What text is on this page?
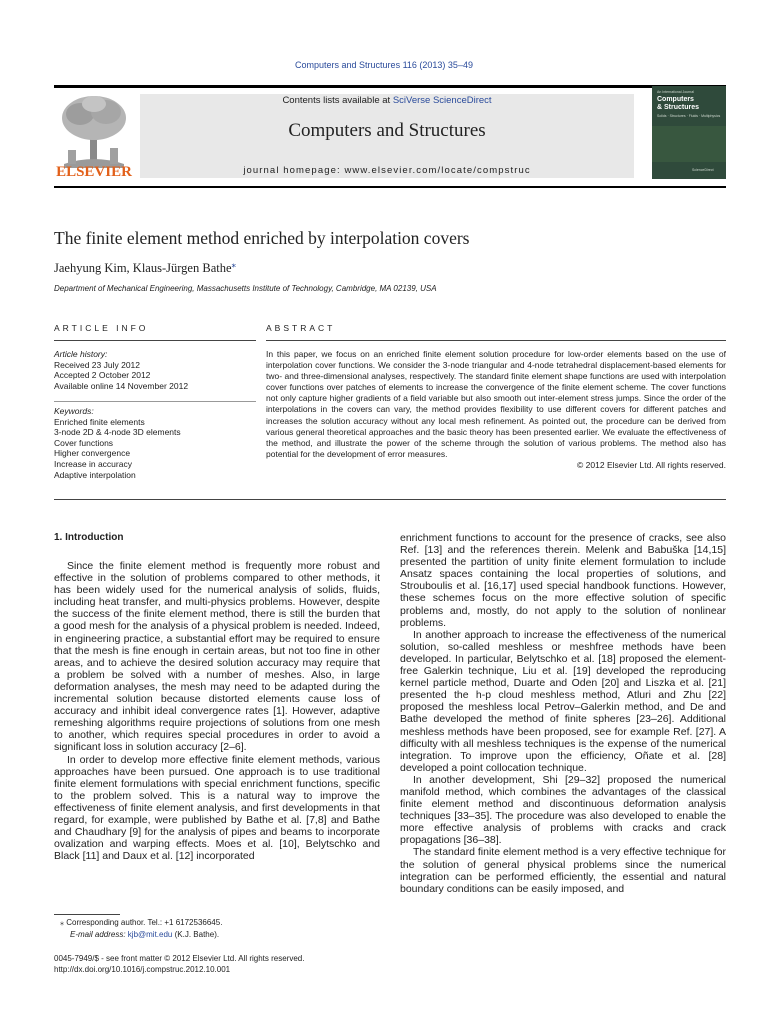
Computers and Structures 116 (2013) 35–49
ELSEVIER
Contents lists available at SciVerse ScienceDirect
Computers and Structures
journal homepage: www.elsevier.com/locate/compstruc
An International Journal
Computers
& Structures
Solids · Structures · Fluids · Multiphysics
ScienceDirect
The finite element method enriched by interpolation covers
Jaehyung Kim, Klaus-Jürgen Bathe⁎
Department of Mechanical Engineering, Massachusetts Institute of Technology, Cambridge, MA 02139, USA
ARTICLE INFO	ABSTRACT
Article history:
Received 23 July 2012
Accepted 2 October 2012
Available online 14 November 2012
Keywords:
Enriched finite elements
3-node 2D & 4-node 3D elements
Cover functions
Higher convergence
Increase in accuracy
Adaptive interpolation
In this paper, we focus on an enriched finite element solution procedure for low-order elements based on the use of interpolation cover functions. We consider the 3-node triangular and 4-node tetrahedral displacement-based elements for two- and three-dimensional analyses, respectively. The standard finite element shape functions are used with interpolation cover functions over patches of elements to increase the convergence of the finite element scheme. The cover functions not only capture higher gradients of a field variable but also smooth out inter-element stress jumps. Since the order of the interpolations in the covers can vary, the method provides flexibility to use different covers for different patches and increases the solution accuracy without any local mesh refinement. As pointed out, the procedure can be derived from various general theoretical approaches and the basic theory has been presented earlier. We evaluate the effectiveness of the method, and illustrate the power of the scheme through the solution of various problems. The method also has potential for the development of error measures.
© 2012 Elsevier Ltd. All rights reserved.
1. Introduction

Since the finite element method is frequently more robust and effective in the solution of problems compared to other methods, it has been widely used for the numerical analysis of solids, fluids, including heat transfer, and multi-physics problems. However, despite the success of the finite element method, there is still the burden that a good mesh for the analysis of a physical problem is needed. Indeed, in engineering practice, a substantial effort may be required to ensure that the mesh is fine enough in certain areas, but not too fine in other areas, and to achieve the desired solution accuracy may require that a problem be solved with a number of meshes. Also, in large deformation analyses, the mesh may need to be adapted during the incremental solution because distorted elements cause loss of accuracy and inhibit ideal convergence rates [1]. However, adaptive remeshing algorithms require projections of solutions from one mesh to another, which requires special procedures in order to avoid a significant loss in solution accuracy [2–6].

In order to develop more effective finite element methods, various approaches have been pursued. One approach is to use traditional finite element formulations with special enrichment functions, specific to the problem solved. This is a natural way to improve the effectiveness of finite element analysis, and first developments in that regard, for example, were published by Bathe et al. [7,8] and Bathe and Chaudhary [9] for the analysis of pipes and beams to incorporate ovalization and warping effects. Moes et al. [10], Belytschko and Black [11] and Daux et al. [12] incorporated

enrichment functions to account for the presence of cracks, see also Ref. [13] and the references therein. Melenk and Babuška [14,15] presented the partition of unity finite element formulation to include Ansatz spaces containing the local properties of solutions, and Strouboulis et al. [16,17] used special handbook functions. However, these schemes focus on the more effective solution of specific problems and, mostly, do not apply to the solution of nonlinear problems.

In another approach to increase the effectiveness of the numerical solution, so-called meshless or meshfree methods have been developed. In particular, Belytschko et al. [18] proposed the element-free Galerkin technique, Liu et al. [19] developed the reproducing kernel particle method, Duarte and Oden [20] and Liszka et al. [21] presented the h-p cloud meshless method, Atluri and Zhu [22] proposed the meshless local Petrov–Galerkin method, and De and Bathe developed the method of finite spheres [23–26]. Additional meshless methods have been proposed, see for example Ref. [27]. A difficulty with all meshless techniques is the expense of the numerical integration. To improve upon the efficiency, Oñate et al. [28] developed a point collocation technique.

In another development, Shi [29–32] proposed the numerical manifold method, which combines the advantages of the classical finite element method and discontinuous deformation analysis techniques [33–35]. The procedure was also developed to enable the more effective analysis of problems with cracks and crack propagations [36–38].

The standard finite element method is a very effective technique for the solution of general physical problems since the numerical integration can be performed efficiently, the essential and natural boundary conditions can be easily imposed, and

⁎ Corresponding author. Tel.: +1 6172536645.
E-mail address: kjb@mit.edu (K.J. Bathe).
0045-7949/$ - see front matter © 2012 Elsevier Ltd. All rights reserved.
http://dx.doi.org/10.1016/j.compstruc.2012.10.001
